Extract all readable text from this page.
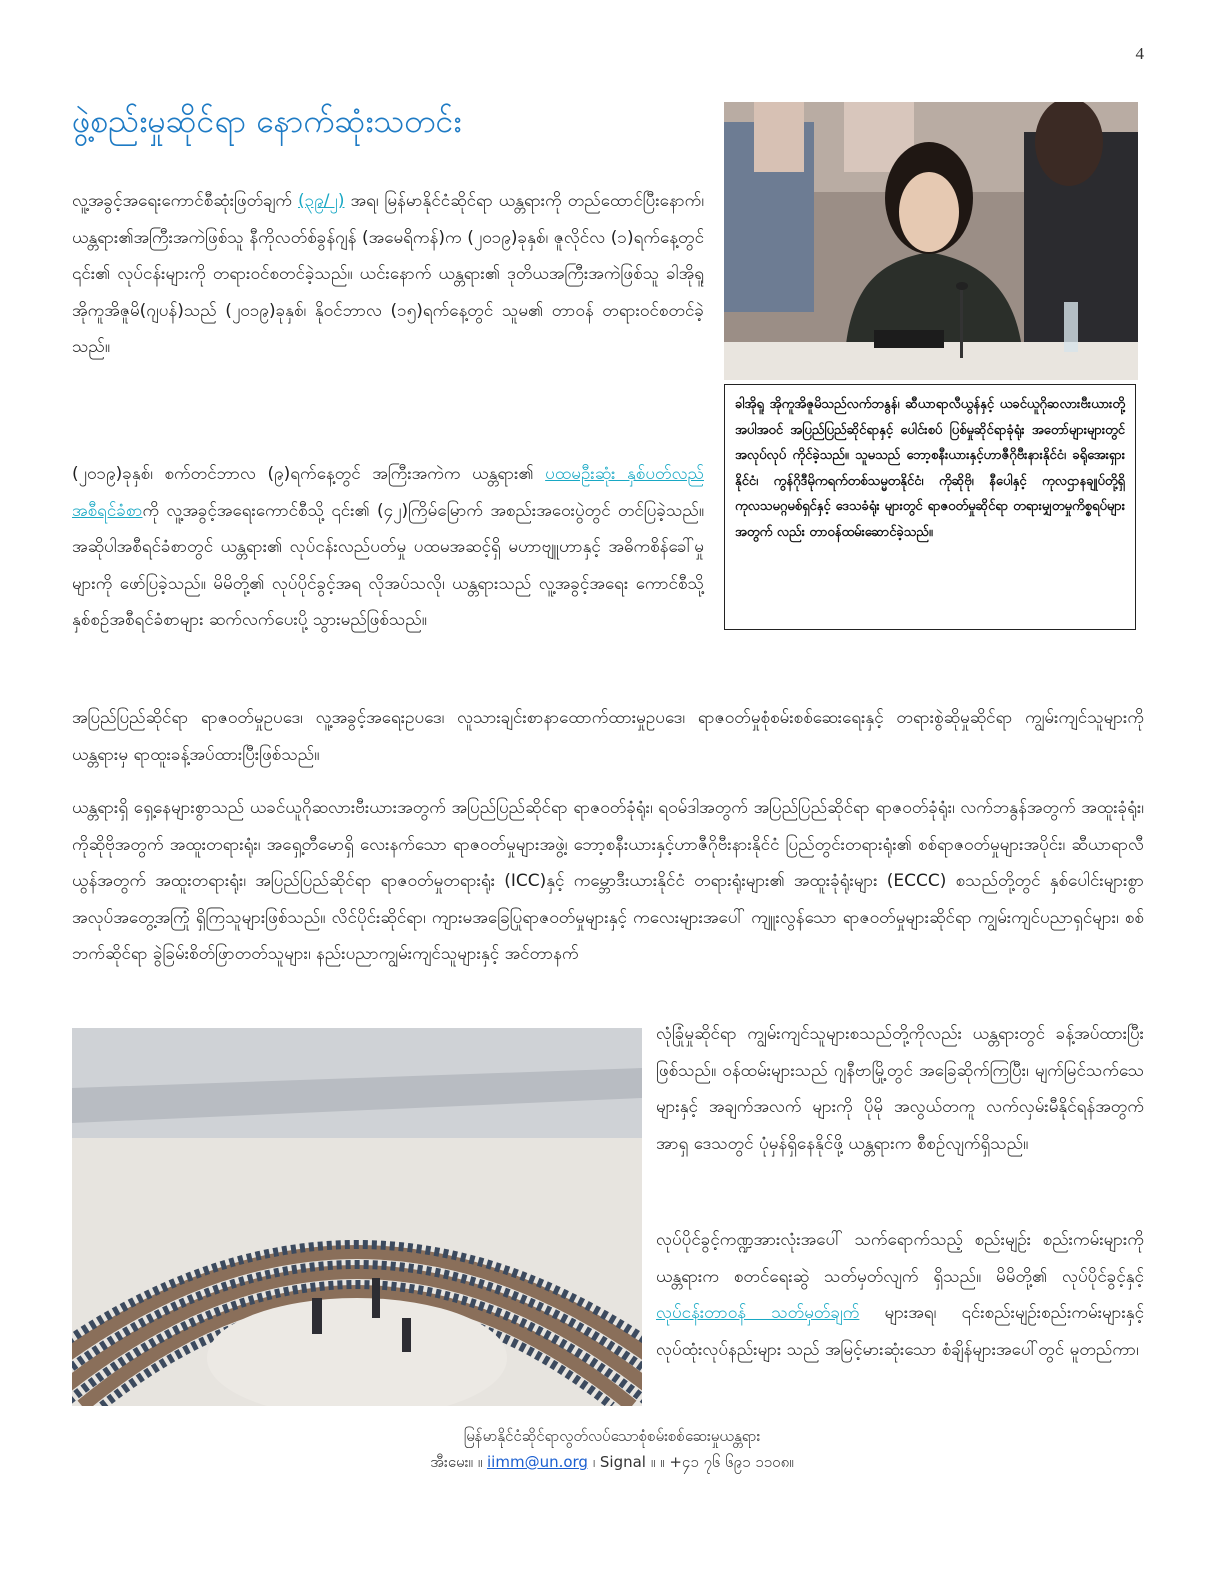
4
ဖွဲ့စည်းမှုဆိုင်ရာ နောက်ဆုံးသတင်း

လူ့အခွင့်အရေးကောင်စီဆုံးဖြတ်ချက် (၃၉/၂) အရ၊ မြန်မာနိုင်ငံဆိုင်ရာ ယန္တရားကို တည်ထောင်ပြီးနောက်၊ ယန္တရား၏အကြီးအကဲဖြစ်သူ နီကိုလတ်စ်ခွန်ဂျန် (အမေရိကန်)က (၂၀၁၉)ခုနှစ်၊ ဇူလိုင်လ (၁)ရက်နေ့တွင် ၎င်း၏ လုပ်ငန်းများကို တရားဝင်စတင်ခဲ့သည်။ ယင်းနောက် ယန္တရား၏ ဒုတိယအကြီးအကဲဖြစ်သူ ခါအိုရူ အိုကူအိဇူမိ(ဂျပန်)သည် (၂၀၁၉)ခုနှစ်၊ နိုဝင်ဘာလ (၁၅)ရက်နေ့တွင် သူမ၏ တာဝန် တရားဝင်စတင်ခဲ့သည်။

(၂၀၁၉)ခုနှစ်၊ စက်တင်ဘာလ (၉)ရက်နေ့တွင် အကြီးအကဲက ယန္တရား၏ ပထမဦးဆုံး နှစ်ပတ်လည် အစီရင်ခံစာကို လူ့အခွင့်အရေးကောင်စီသို့ ၎င်း၏ (၄၂)ကြိမ်မြောက် အစည်းအဝေးပွဲတွင် တင်ပြခဲ့သည်။ အဆိုပါအစီရင်ခံစာတွင် ယန္တရား၏ လုပ်ငန်းလည်ပတ်မှု ပထမအဆင့်ရှိ မဟာဗျူဟာနှင့် အဓိကစိန်ခေါ်မှုများကို ဖော်ပြခဲ့သည်။ မိမိတို့၏ လုပ်ပိုင်ခွင့်အရ လိုအပ်သလို၊ ယန္တရားသည် လူ့အခွင့်အရေး ကောင်စီသို့ နှစ်စဉ်အစီရင်ခံစာများ ဆက်လက်ပေးပို့ သွားမည်ဖြစ်သည်။

ခါအိုရူ အိုကူအိဇူမိသည်လက်ဘနွန်၊ ဆီယာရာလီယွန်နှင့် ယခင်ယူဂိုဆလားဗီးယားတို့အပါအဝင် အပြည်ပြည်ဆိုင်ရာနှင့် ပေါင်းစပ် ပြစ်မှုဆိုင်ရာခုံရုံး အတော်များများတွင် အလုပ်လုပ် ကိုင်ခဲ့သည်။ သူမသည် ဘော့စနီးယားနှင့်ဟာဇီဂိုဗီးနားနိုင်ငံ၊ ခရိုအေးရှားနိုင်ငံ၊ ကွန်ဂိုဒီမိုကရက်တစ်သမ္မတနိုင်ငံ၊ ကိုဆိုဗို၊ နီပေါနှင့် ကုလဌာနချုပ်တို့ရှိ ကုလသမဂ္ဂမစ်ရှင်နှင့် ဒေသခံရုံး များတွင် ရာဇဝတ်မှုဆိုင်ရာ တရားမျှတမှုကိစ္စရပ်များအတွက် လည်း တာဝန်ထမ်းဆောင်ခဲ့သည်။

အပြည်ပြည်ဆိုင်ရာ ရာဇဝတ်မှုဥပဒေ၊ လူ့အခွင့်အရေးဥပဒေ၊ လူသားချင်းစာနာထောက်ထားမှုဥပဒေ၊ ရာဇဝတ်မှုစုံစမ်းစစ်ဆေးရေးနှင့် တရားစွဲဆိုမှုဆိုင်ရာ ကျွမ်းကျင်သူများကို ယန္တရားမှ ရာထူးခန့်အပ်ထားပြီးဖြစ်သည်။

ယန္တရားရှိ ရှေ့နေများစွာသည် ယခင်ယူဂိုဆလားဗီးယားအတွက် အပြည်ပြည်ဆိုင်ရာ ရာဇဝတ်ခုံရုံး၊ ရဝမ်ဒါအတွက် အပြည်ပြည်ဆိုင်ရာ ရာဇဝတ်ခုံရုံး၊ လက်ဘနွန်အတွက် အထူးခုံရုံး၊ ကိုဆိုဗိုအတွက် အထူးတရားရုံး၊ အရှေ့တီမောရှိ လေးနက်သော ရာဇဝတ်မှုများအဖွဲ့၊ ဘော့စနီးယားနှင့်ဟာဇီဂိုဗီးနားနိုင်ငံ ပြည်တွင်းတရားရုံး၏ စစ်ရာဇဝတ်မှုများအပိုင်း၊ ဆီယာရာလီယွန်အတွက် အထူးတရားရုံး၊ အပြည်ပြည်ဆိုင်ရာ ရာဇဝတ်မှုတရားရုံး (ICC)နှင့် ကမ္ဘောဒီးယားနိုင်ငံ တရားရုံးများ၏ အထူးခုံရုံးများ (ECCC) စသည်တို့တွင် နှစ်ပေါင်းများစွာ အလုပ်အတွေ့အကြုံ ရှိကြသူများဖြစ်သည်။ လိင်ပိုင်းဆိုင်ရာ၊ ကျားမအခြေပြုရာဇဝတ်မှုများနှင့် ကလေးများအပေါ် ကျူးလွန်သော ရာဇဝတ်မှုများဆိုင်ရာ ကျွမ်းကျင်ပညာရှင်များ၊ စစ်ဘက်ဆိုင်ရာ ခွဲခြမ်းစိတ်ဖြာတတ်သူများ၊ နည်းပညာကျွမ်းကျင်သူများနှင့် အင်တာနက်

လုံခြုံမှုဆိုင်ရာ ကျွမ်းကျင်သူများစသည်တို့ကိုလည်း ယန္တရားတွင် ခန့်အပ်ထားပြီး ဖြစ်သည်။ ဝန်ထမ်းများသည် ဂျနီဗာမြို့တွင် အခြေဆိုက်ကြပြီး၊ မျက်မြင်သက်သေများနှင့် အချက်အလက် များကို ပိုမို အလွယ်တကူ လက်လှမ်းမီနိုင်ရန်အတွက် အာရှ ဒေသတွင် ပုံမှန်ရှိနေနိုင်ဖို့ ယန္တရားက စီစဉ်လျက်ရှိသည်။

လုပ်ပိုင်ခွင့်ကဏ္ဍအားလုံးအပေါ် သက်ရောက်သည့် စည်းမျဉ်း စည်းကမ်းများကို ယန္တရားက စတင်ရေးဆွဲ သတ်မှတ်လျက် ရှိသည်။ မိမိတို့၏ လုပ်ပိုင်ခွင့်နှင့် လုပ်ငန်းတာဝန် သတ်မှတ်ချက် များအရ၊ ၎င်းစည်းမျဉ်းစည်းကမ်းများနှင့် လုပ်ထုံးလုပ်နည်းများ သည် အမြင့်မားဆုံးသော စံချိန်များအပေါ်တွင် မူတည်ကာ၊

မြန်မာနိုင်ငံဆိုင်ရာလွတ်လပ်သောစုံစမ်းစစ်ဆေးမှုယန္တရား
အီးမေး။ ။ iimm@un.org ၊ Signal ။ ။ +၄၁ ၇၆ ၆၉၁ ၁၁၀၈။
